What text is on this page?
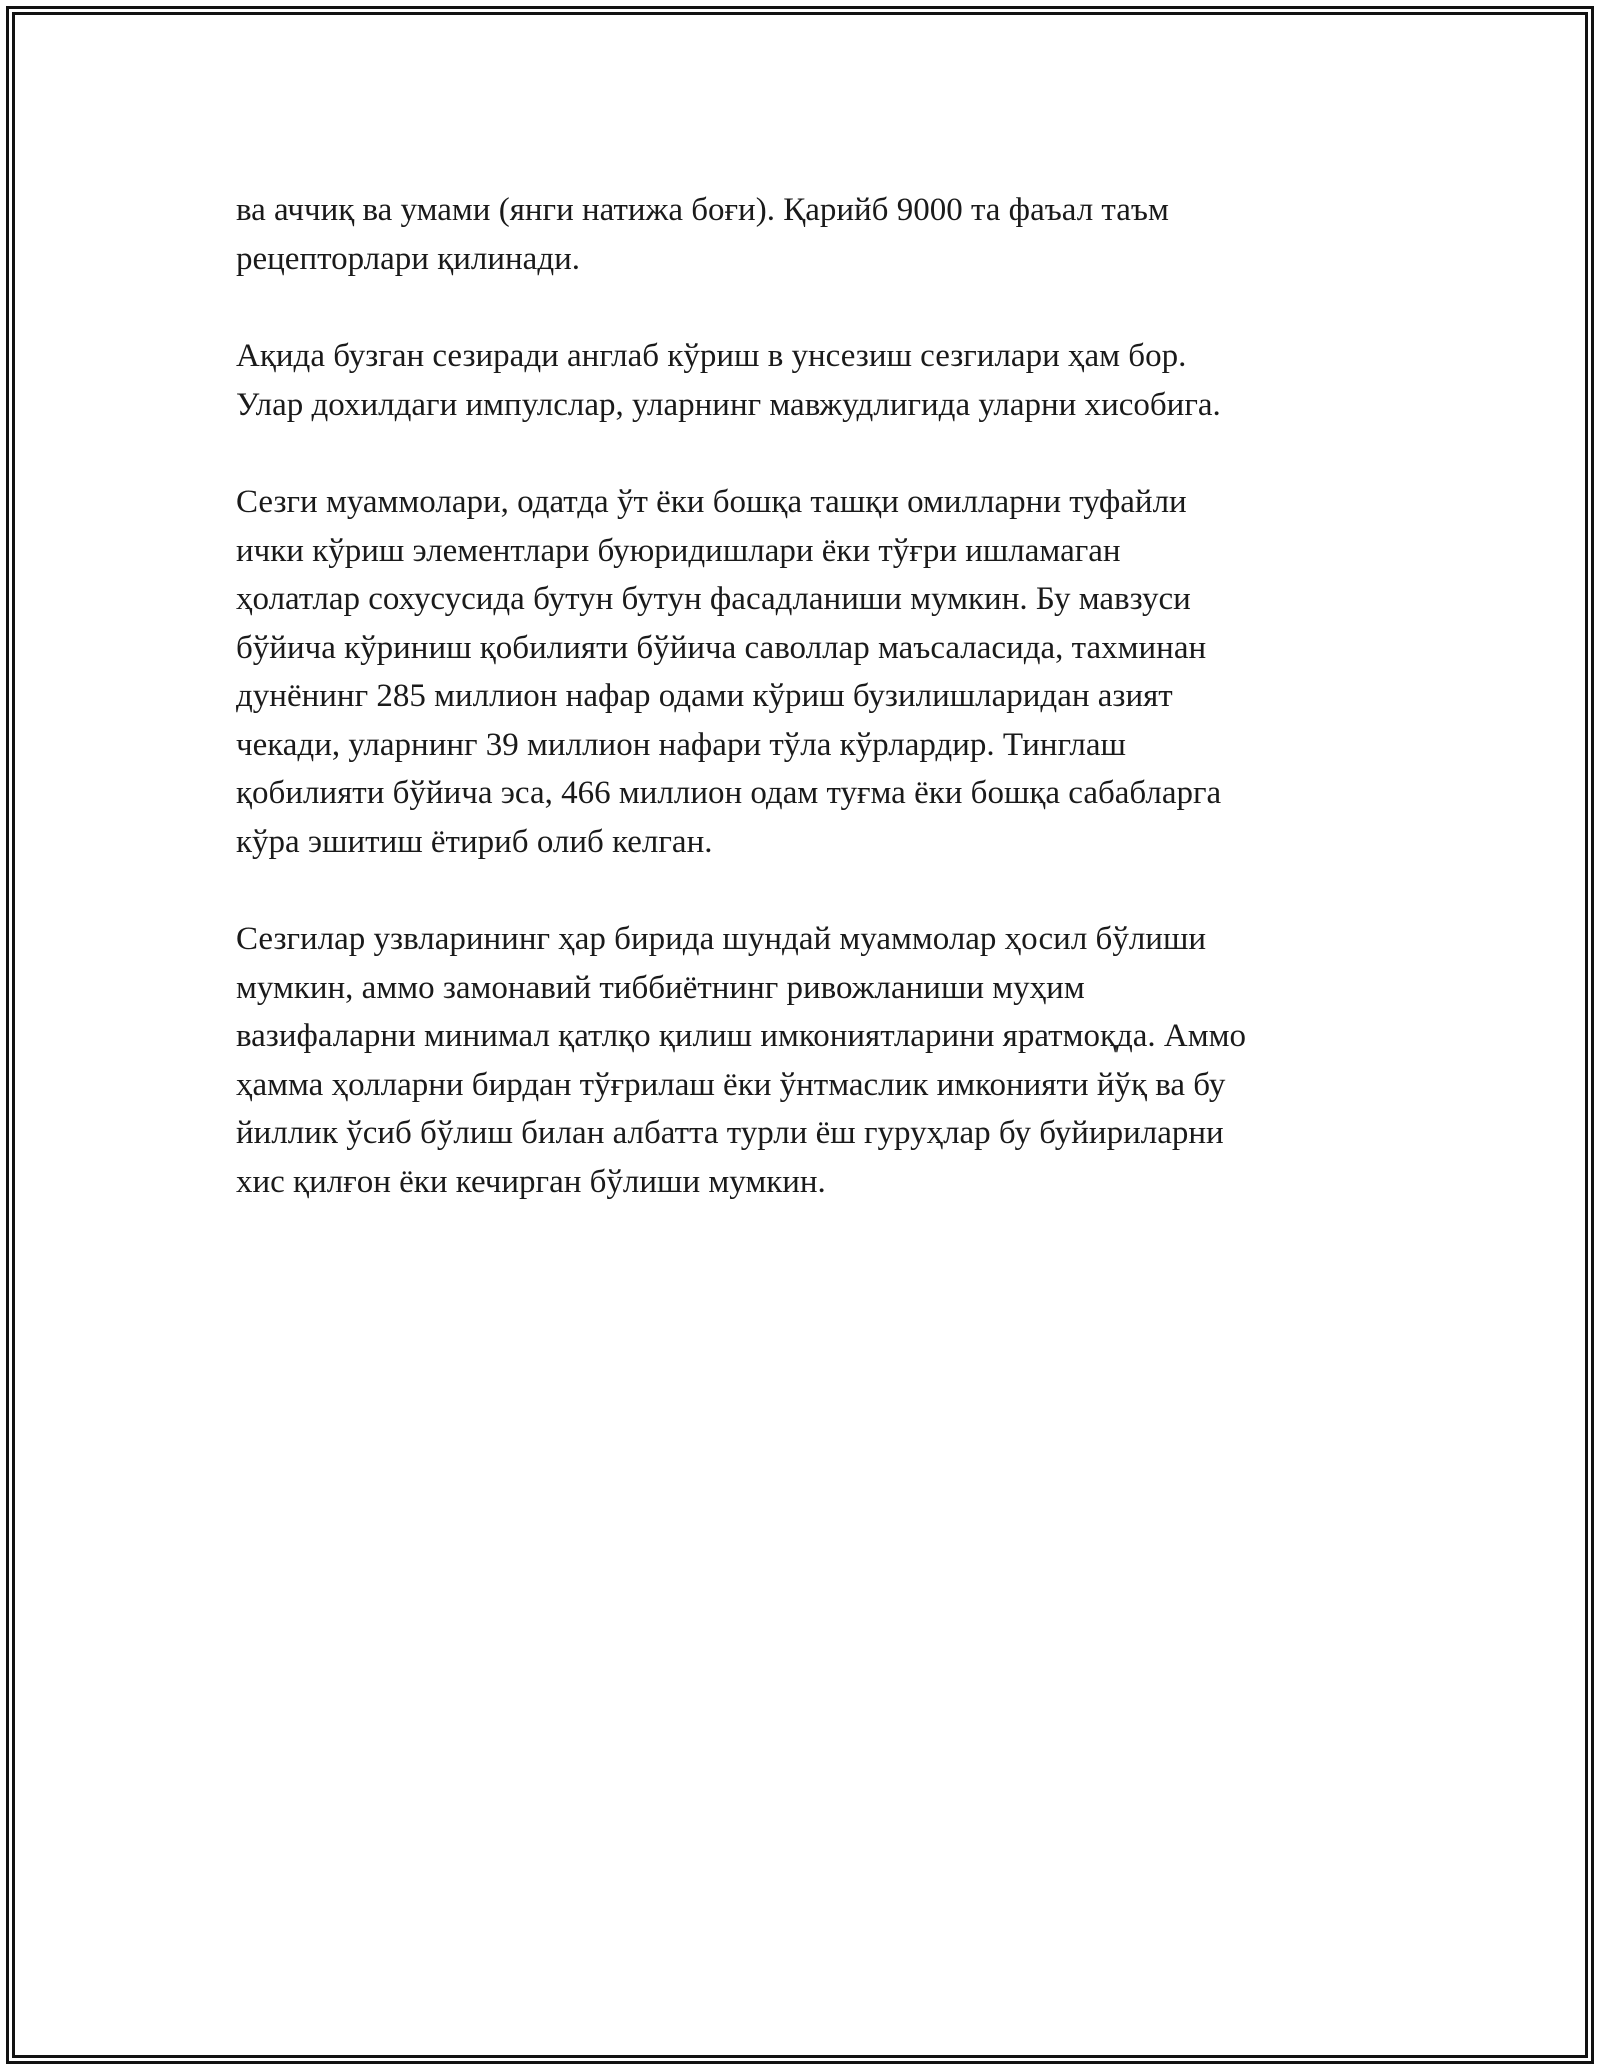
ва аччиқ ва умами (янги натижа боғи). Қарийб 9000 та фаъал таъм
рецепторлари қилинади.

Ақида бузган сезиради англаб кўриш в унсезиш сезгилари ҳам бор.
Улар дохилдаги импулслар, уларнинг мавжудлигида уларни хисобига.

Сезги муаммолари, одатда ўт ёки бошқа ташқи омилларни туфайли
ички кўриш элементлари буюридишлари ёки тўғри ишламаган
ҳолатлар сохусусида бутун бутун фасадланиши мумкин. Бу мавзуси
бўйича кўриниш қобилияти бўйича саволлар маъсаласида, тахминан
дунёнинг 285 миллион нафар одами кўриш бузилишларидан азият
чекади, уларнинг 39 миллион нафари тўла кўрлардир. Тинглаш
қобилияти бўйича эса, 466 миллион одам туғма ёки бошқа сабабларга
кўра эшитиш ётириб олиб келган.

Сезгилар узвларининг ҳар бирида шундай муаммолар ҳосил бўлиши
мумкин, аммо замонавий тиббиётнинг ривожланиши муҳим
вазифаларни минимал қатлқо қилиш имкониятларини яратмоқда. Аммо
ҳамма ҳолларни бирдан тўғрилаш ёки ўнтмаслик имконияти йўқ ва бу
йиллик ўсиб бўлиш билан албатта турли ёш гуруҳлар бу буйириларни
хис қилғон ёки кечирган бўлиши мумкин.
